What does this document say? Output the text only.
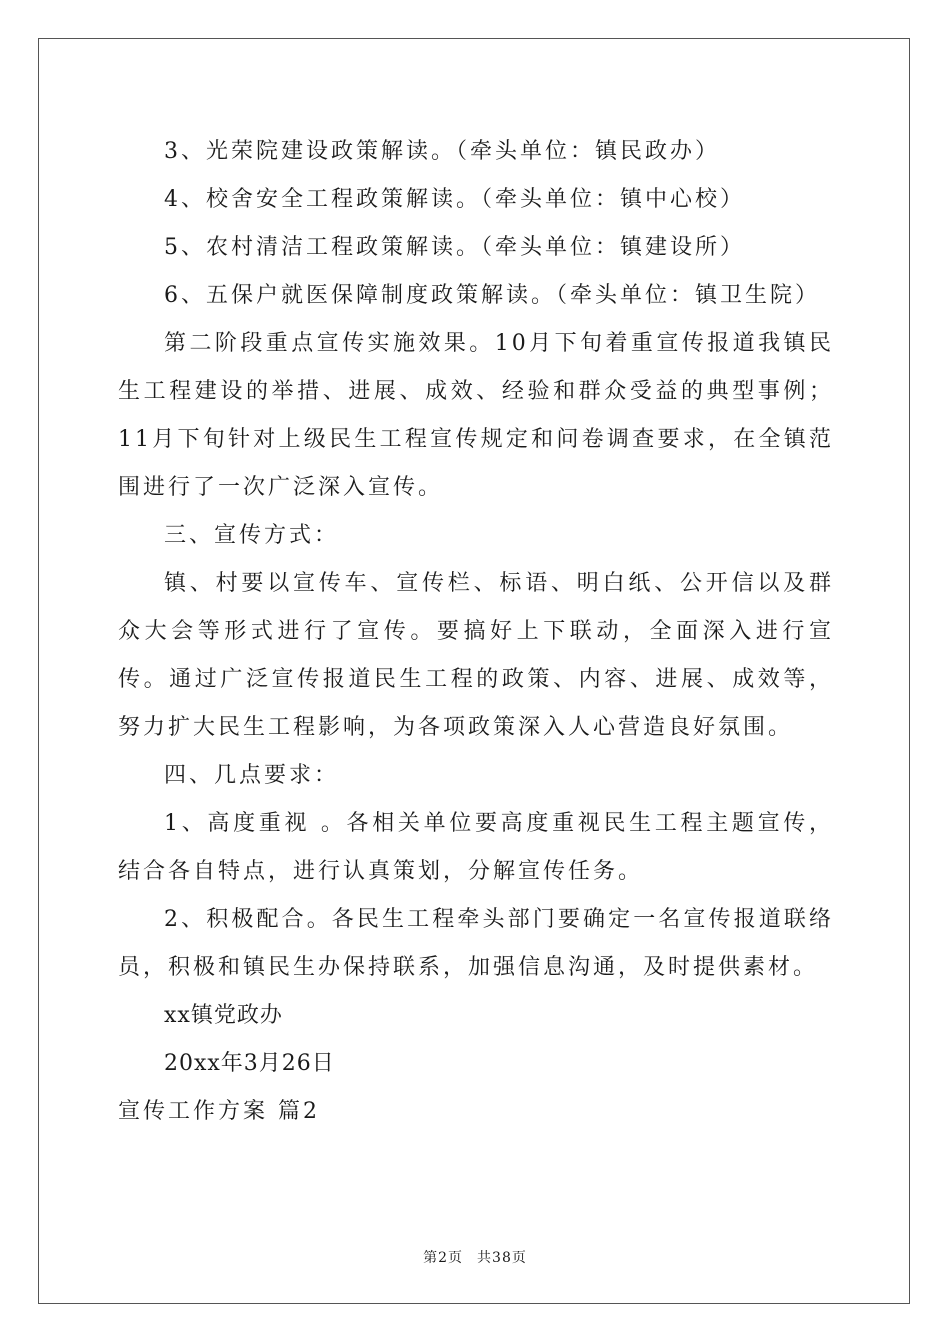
3、光荣院建设政策解读。（牵头单位：镇民政办）

4、校舍安全工程政策解读。（牵头单位：镇中心校）

5、农村清洁工程政策解读。（牵头单位：镇建设所）

6、五保户就医保障制度政策解读。（牵头单位：镇卫生院）

第二阶段重点宣传实施效果。10月下旬着重宣传报道我镇民生工程建设的举措、进展、成效、经验和群众受益的典型事例；11月下旬针对上级民生工程宣传规定和问卷调查要求，在全镇范围进行了一次广泛深入宣传。

三、宣传方式：

镇、村要以宣传车、宣传栏、标语、明白纸、公开信以及群众大会等形式进行了宣传。要搞好上下联动，全面深入进行宣传。通过广泛宣传报道民生工程的政策、内容、进展、成效等，努力扩大民生工程影响，为各项政策深入人心营造良好氛围。

四、几点要求：

1、高度重视 。各相关单位要高度重视民生工程主题宣传，结合各自特点，进行认真策划，分解宣传任务。

2、积极配合。各民生工程牵头部门要确定一名宣传报道联络员，积极和镇民生办保持联系，加强信息沟通，及时提供素材。

xx镇党政办

20xx年3月26日

宣传工作方案 篇2

第2页 共38页
